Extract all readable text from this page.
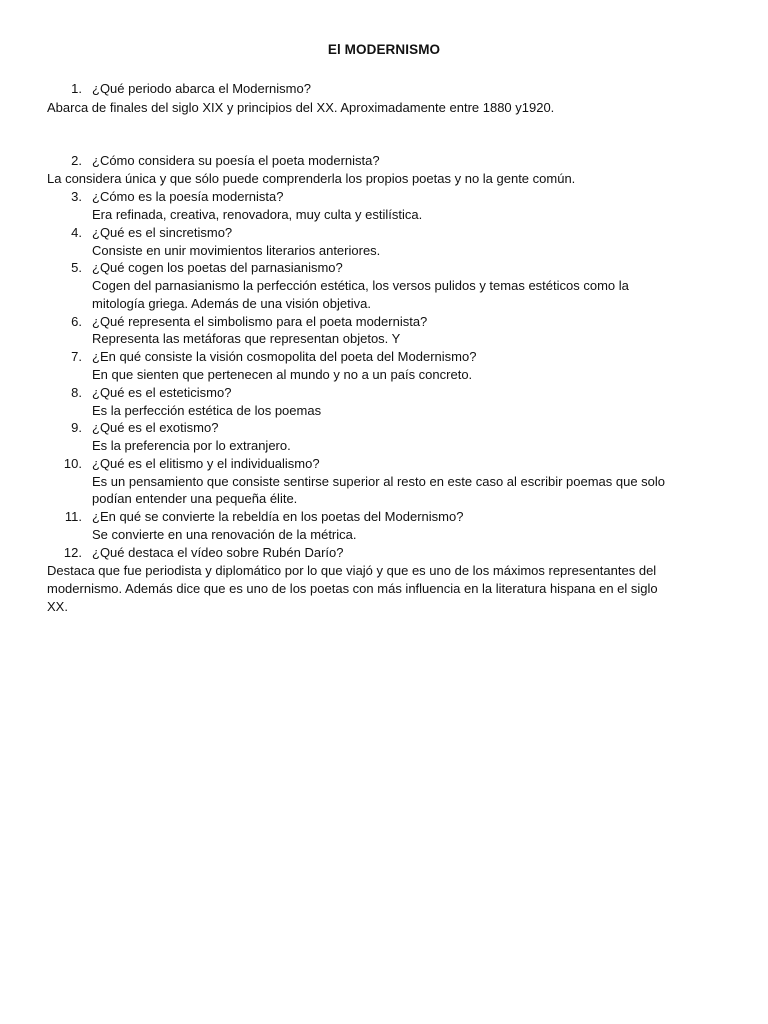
El MODERNISMO
1. ¿Qué periodo abarca el Modernismo?
Abarca de finales del siglo XIX y principios del XX. Aproximadamente entre 1880 y1920.
2. ¿Cómo considera su poesía el poeta modernista?
La considera única y que sólo puede comprenderla los propios poetas y no la gente común.
3. ¿Cómo es la poesía modernista?
Era refinada, creativa, renovadora, muy culta y estilística.
4. ¿Qué es el sincretismo?
Consiste en unir movimientos literarios anteriores.
5. ¿Qué cogen los poetas del parnasianismo?
Cogen del parnasianismo la perfección estética, los versos pulidos y temas estéticos como la
mitología griega. Además de una visión objetiva.
6. ¿Qué representa el simbolismo para el poeta modernista?
Representa las metáforas que representan objetos. Y
7. ¿En qué consiste la visión cosmopolita del poeta del Modernismo?
En que sienten que pertenecen al mundo y no a un país concreto.
8. ¿Qué es el esteticismo?
Es la perfección estética de los poemas
9. ¿Qué es el exotismo?
Es la preferencia por lo extranjero.
10. ¿Qué es el elitismo y el individualismo?
Es un pensamiento que consiste sentirse superior al resto en este caso al escribir poemas que solo
podían entender una pequeña élite.
11. ¿En qué se convierte la rebeldía en los poetas del Modernismo?
Se convierte en una renovación de la métrica.
12. ¿Qué destaca el vídeo sobre Rubén Darío?
Destaca que fue periodista y diplomático por lo que viajó y que es uno de los máximos representantes del
modernismo. Además dice que es uno de los poetas con más influencia en la literatura hispana en el siglo
XX.
